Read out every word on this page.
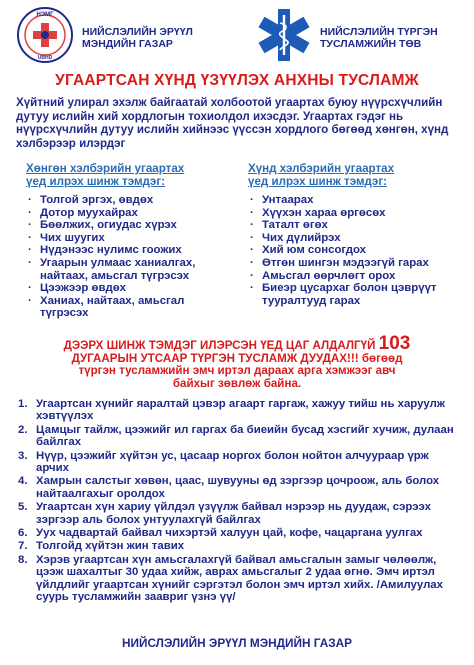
НЭМГ
UBHD
НИЙСЛЭЛИЙН ЭРҮҮЛ
МЭНДИЙН ГАЗАР
НИЙСЛЭЛИЙН ТҮРГЭН
ТУСЛАМЖИЙН ТӨВ
УГААРТСАН ХҮНД ҮЗҮҮЛЭХ АНХНЫ ТУСЛАМЖ

Хүйтний улирал эхэлж байгаатай холбоотой угаартах буюу нүүрсхүчлийн дутуу ислийн хий хордлогын тохиолдол ихэсдэг. Угаартах гэдэг нь нүүрсхүчлийн дутуу ислийн хийнээс үүссэн хордлого бөгөөд хөнгөн, хүнд хэлбэрээр илэрдэг

Хөнгөн хэлбэрийн угаартах
үед илрэх шинж тэмдэг:
· Толгой эргэх, өвдөх
· Дотор муухайрах
· Бөөлжих, огиудас хүрэх
· Чих шуугих
· Нүдэнээс нулимс гоожих
· Угаарын улмаас ханиалгах, найтаах, амьсгал түгрэсэх
· Цээжээр өвдөх
· Ханиах, найтаах, амьсгал түгрэсэх
Хүнд хэлбэрийн угаартах
үед илрэх шинж тэмдэг:
· Унтаарах
· Хүүхэн хараа өргөсөх
· Таталт өгөх
· Чих дүлийрэх
· Хий юм сонсогдох
· Өтгөн шингэн мэдээгүй гарах
· Амьсгал өөрчлөгт орох
· Биеэр цусархаг болон цэврүүт тууралтууд гарах
ДЭЭРХ ШИНЖ ТЭМДЭГ ИЛЭРСЭН ҮЕД ЦАГ АЛДАЛГҮЙ 103
ДУГААРЫН УТСААР ТҮРГЭН ТУСЛАМЖ ДУУДАХ!!! бөгөөд
түргэн тусламжийн эмч иртэл дараах арга хэмжээг авч
байхыг зөвлөж байна.
1. Угаартсан хүнийг яаралтай цэвэр агаарт гаргаж, хажуу тийш нь харуулж хэвтүүлэх
2. Цамцыг тайлж, цээжийг ил гаргах ба биеийн бусад хэсгийг хучиж, дулаан байлгах
3. Нүүр, цээжийг хүйтэн ус, цасаар норгох болон нойтон алчуураар үрж арчих
4. Хамрын салстыг хөвөн, цаас, шувууны өд зэргээр цочроож, аль болох найтаалгахыг оролдох
5. Угаартсан хүн хариу үйлдэл үзүүлж байвал нэрээр нь дуудаж, сэрээх зэргээр аль болох унтуулахгүй байлгах
6. Уух чадвартай байвал чихэртэй халуун цай, кофе, чацаргана уулгах
7. Толгойд хүйтэн жин тавих
8. Хэрэв угаартсан хүн амьсгалахгүй байвал амьсгалын замыг чөлөөлж, цээж шахалтыг 30 удаа хийж, аврах амьсгалыг 2 удаа өгнө. Эмч иртэл үйлдлийг угаартсан хүнийг сэргэтэл болон эмч иртэл хийх. /Амилуулах суурь тусламжийн заавриг үзнэ үү/
НИЙСЛЭЛИЙН ЭРҮҮЛ МЭНДИЙН ГАЗАР
